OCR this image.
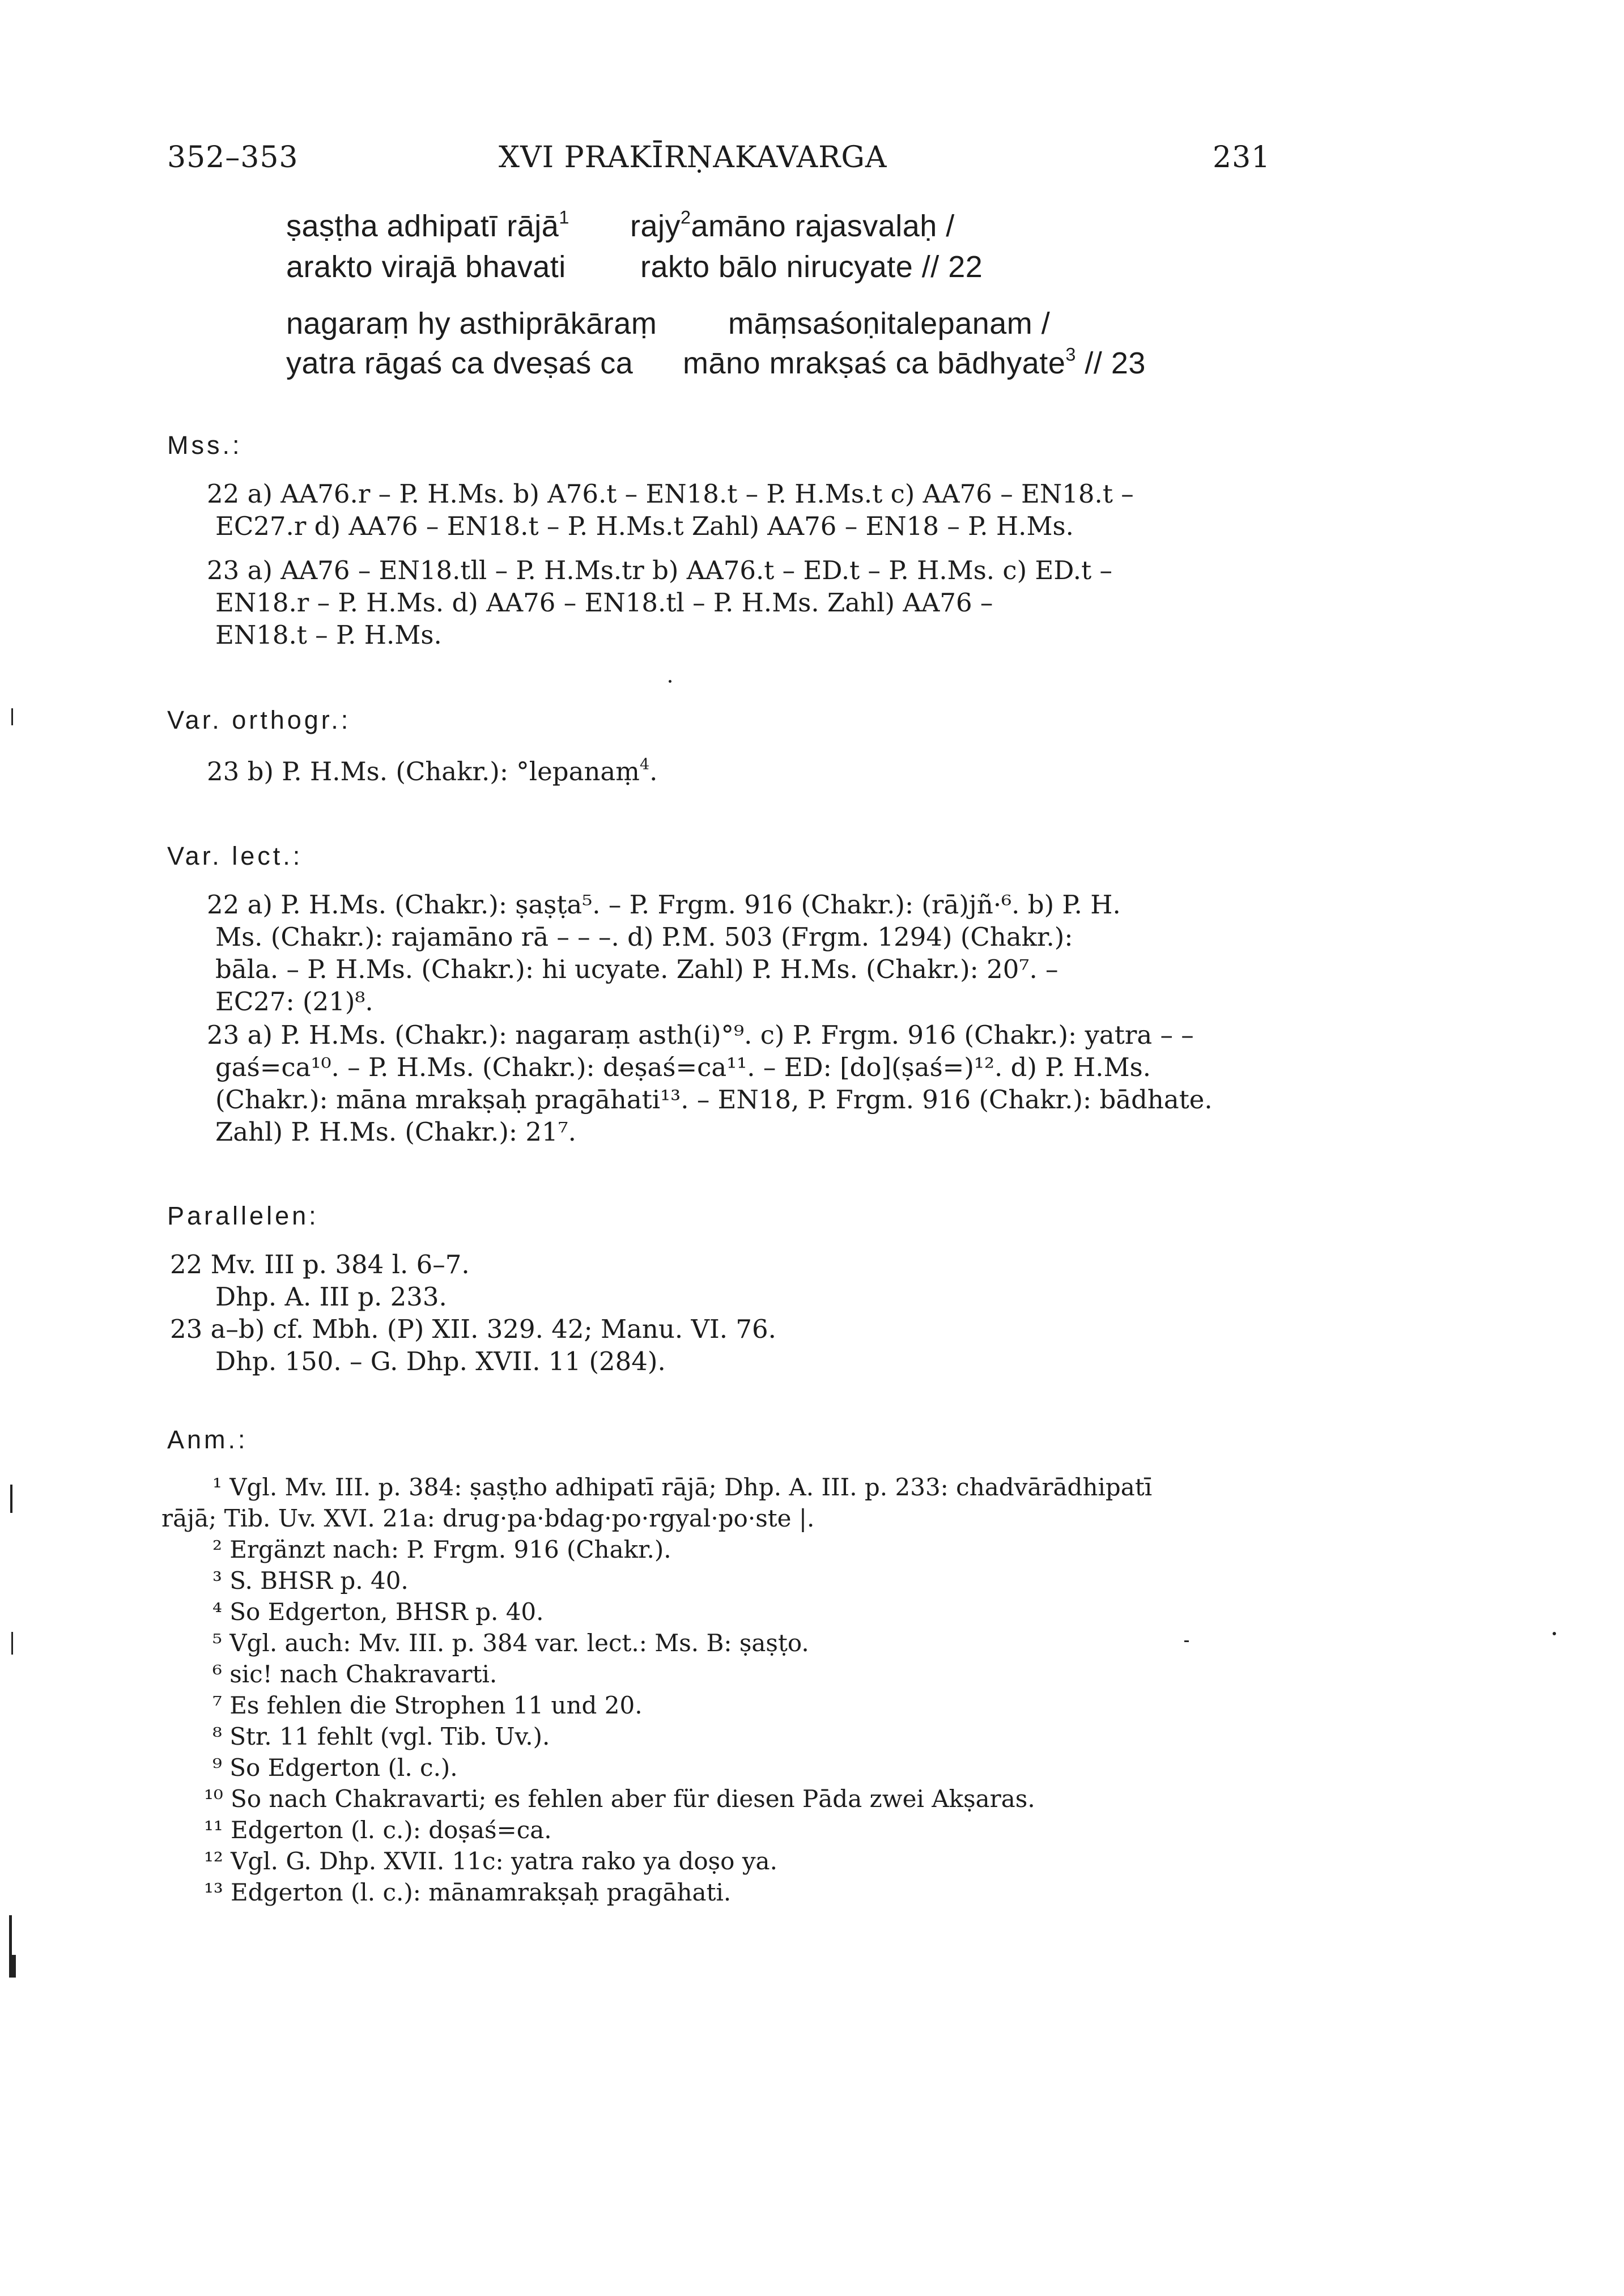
352–353	XVI PRAKĪRṆAKAVARGA	231
ṣaṣṭha adhipatī rājā$^1$ rajy$^2$amāno rajasvalaḥ /
arakto virajā bhavati rakto bālo nirucyate // 22
nagaraṃ hy asthiprākāraṃ māṃsaśoṇitalepanam /
yatra rāgaś ca dveṣaś ca māno mrakṣaś ca bādhyate$^3$ // 23
Mss.:
22 a) AA76.r – P. H.Ms. b) A76.t – EN18.t – P. H.Ms.t c) AA76 – EN18.t –
EC27.r d) AA76 – EN18.t – P. H.Ms.t Zahl) AA76 – EN18 – P. H.Ms.
23 a) AA76 – EN18.tll – P. H.Ms.tr b) AA76.t – ED.t – P. H.Ms. c) ED.t –
EN18.r – P. H.Ms. d) AA76 – EN18.tl – P. H.Ms. Zahl) AA76 –
EN18.t – P. H.Ms.
Var. orthogr.:
23 b) P. H.Ms. (Chakr.): °lepanaṃ$^4$.
Var. lect.:
22 a) P. H.Ms. (Chakr.): ṣaṣṭa⁵. – P. Frgm. 916 (Chakr.): (rā)jñ·⁶. b) P. H.
Ms. (Chakr.): rajamāno rā – – –. d) P.M. 503 (Frgm. 1294) (Chakr.):
bāla. – P. H.Ms. (Chakr.): hi ucyate. Zahl) P. H.Ms. (Chakr.): 20⁷. –
EC27: (21)⁸.
23 a) P. H.Ms. (Chakr.): nagaraṃ asth(i)°⁹. c) P. Frgm. 916 (Chakr.): yatra – –
gaś=ca¹⁰. – P. H.Ms. (Chakr.): deṣaś=ca¹¹. – ED: [do](ṣaś=)¹². d) P. H.Ms.
(Chakr.): māna mrakṣaḥ pragāhati¹³. – EN18, P. Frgm. 916 (Chakr.): bādhate.
Zahl) P. H.Ms. (Chakr.): 21⁷.
Parallelen:
22 Mv. III p. 384 l. 6–7.
Dhp. A. III p. 233.
23 a–b) cf. Mbh. (P) XII. 329. 42; Manu. VI. 76.
Dhp. 150. – G. Dhp. XVII. 11 (284).
Anm.:
¹ Vgl. Mv. III. p. 384: ṣaṣṭho adhipatī rājā; Dhp. A. III. p. 233: chadvārādhipatī
rājā; Tib. Uv. XVI. 21a: drug·pa·bdag·po·rgyal·po·ste |.
² Ergänzt nach: P. Frgm. 916 (Chakr.).
³ S. BHSR p. 40.
⁴ So Edgerton, BHSR p. 40.
⁵ Vgl. auch: Mv. III. p. 384 var. lect.: Ms. B: ṣaṣṭo.
⁶ sic! nach Chakravarti.
⁷ Es fehlen die Strophen 11 und 20.
⁸ Str. 11 fehlt (vgl. Tib. Uv.).
⁹ So Edgerton (l. c.).
¹⁰ So nach Chakravarti; es fehlen aber für diesen Pāda zwei Akṣaras.
¹¹ Edgerton (l. c.): doṣaś=ca.
¹² Vgl. G. Dhp. XVII. 11c: yatra rako ya doṣo ya.
¹³ Edgerton (l. c.): mānamrakṣaḥ pragāhati.
